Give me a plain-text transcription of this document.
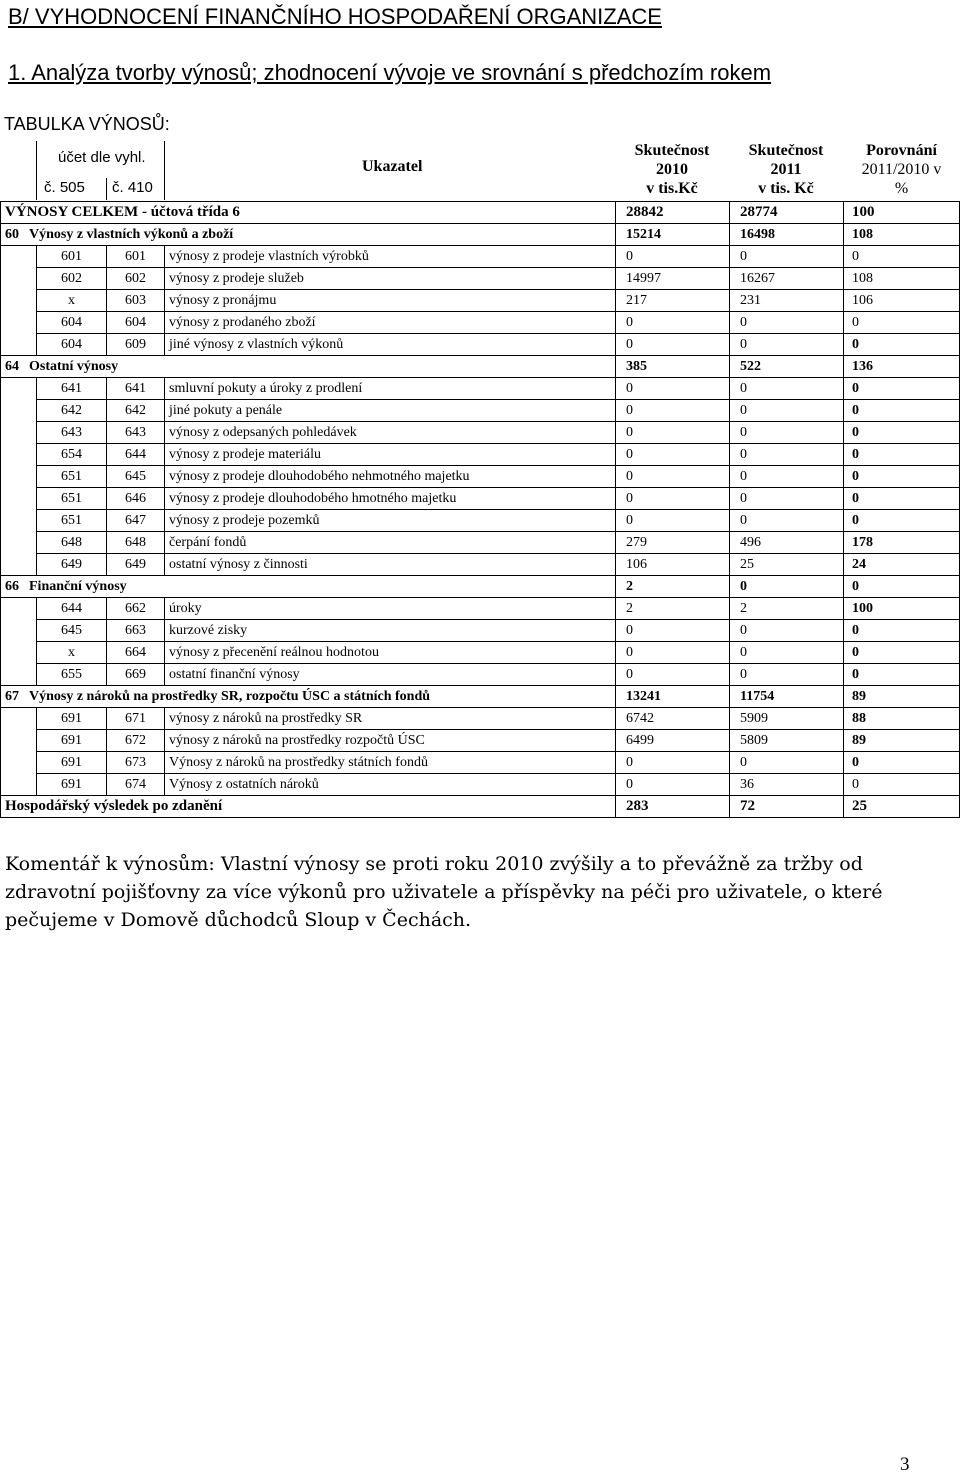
B/ VYHODNOCENÍ FINANČNÍHO HOSPODAŘENÍ ORGANIZACE
1. Analýza tvorby výnosů; zhodnocení vývoje ve srovnání s předchozím rokem
TABULKA VÝNOSŮ:
účet dle vyhl.
č. 505 č. 410
Ukazatel
Skutečnost
2010
v tis.Kč
Skutečnost
2011
v tis. Kč
Porovnání
2011/2010 v
%
VÝNOSY CELKEM - účtová třída 6				28842	28774	100
60 Výnosy z vlastních výkonů a zboží				15214	16498	108
	601	601	výnosy z prodeje vlastních výrobků	0	0	0
	602	602	výnosy z prodeje služeb	14997	16267	108
	x	603	výnosy z pronájmu	217	231	106
	604	604	výnosy z prodaného zboží	0	0	0
	604	609	jiné výnosy z vlastních výkonů	0	0	0
64 Ostatní výnosy				385	522	136
	641	641	smluvní pokuty a úroky z prodlení	0	0	0
	642	642	jiné pokuty a penále	0	0	0
	643	643	výnosy z odepsaných pohledávek	0	0	0
	654	644	výnosy z prodeje materiálu	0	0	0
	651	645	výnosy z prodeje dlouhodobého nehmotného majetku	0	0	0
	651	646	výnosy z prodeje dlouhodobého hmotného majetku	0	0	0
	651	647	výnosy z prodeje pozemků	0	0	0
	648	648	čerpání fondů	279	496	178
	649	649	ostatní výnosy z činnosti	106	25	24
66 Finanční výnosy				2	0	0
	644	662	úroky	2	2	100
	645	663	kurzové zisky	0	0	0
	x	664	výnosy z přecenění reálnou hodnotou	0	0	0
	655	669	ostatní finanční výnosy	0	0	0
67 Výnosy z nároků na prostředky SR, rozpočtu ÚSC a státních fondů				13241	11754	89
	691	671	výnosy z nároků na prostředky SR	6742	5909	88
	691	672	výnosy z nároků na prostředky rozpočtů ÚSC	6499	5809	89
	691	673	Výnosy z nároků na prostředky státních fondů	0	0	0
	691	674	Výnosy z ostatních nároků	0	36	0
Hospodářský výsledek po zdanění				283	72	25

Komentář k výnosům: Vlastní výnosy se proti roku 2010 zvýšily a to převážně za tržby od zdravotní pojišťovny za více výkonů pro uživatele a příspěvky na péči pro uživatele, o které pečujeme v Domově důchodců Sloup v Čechách.

3
